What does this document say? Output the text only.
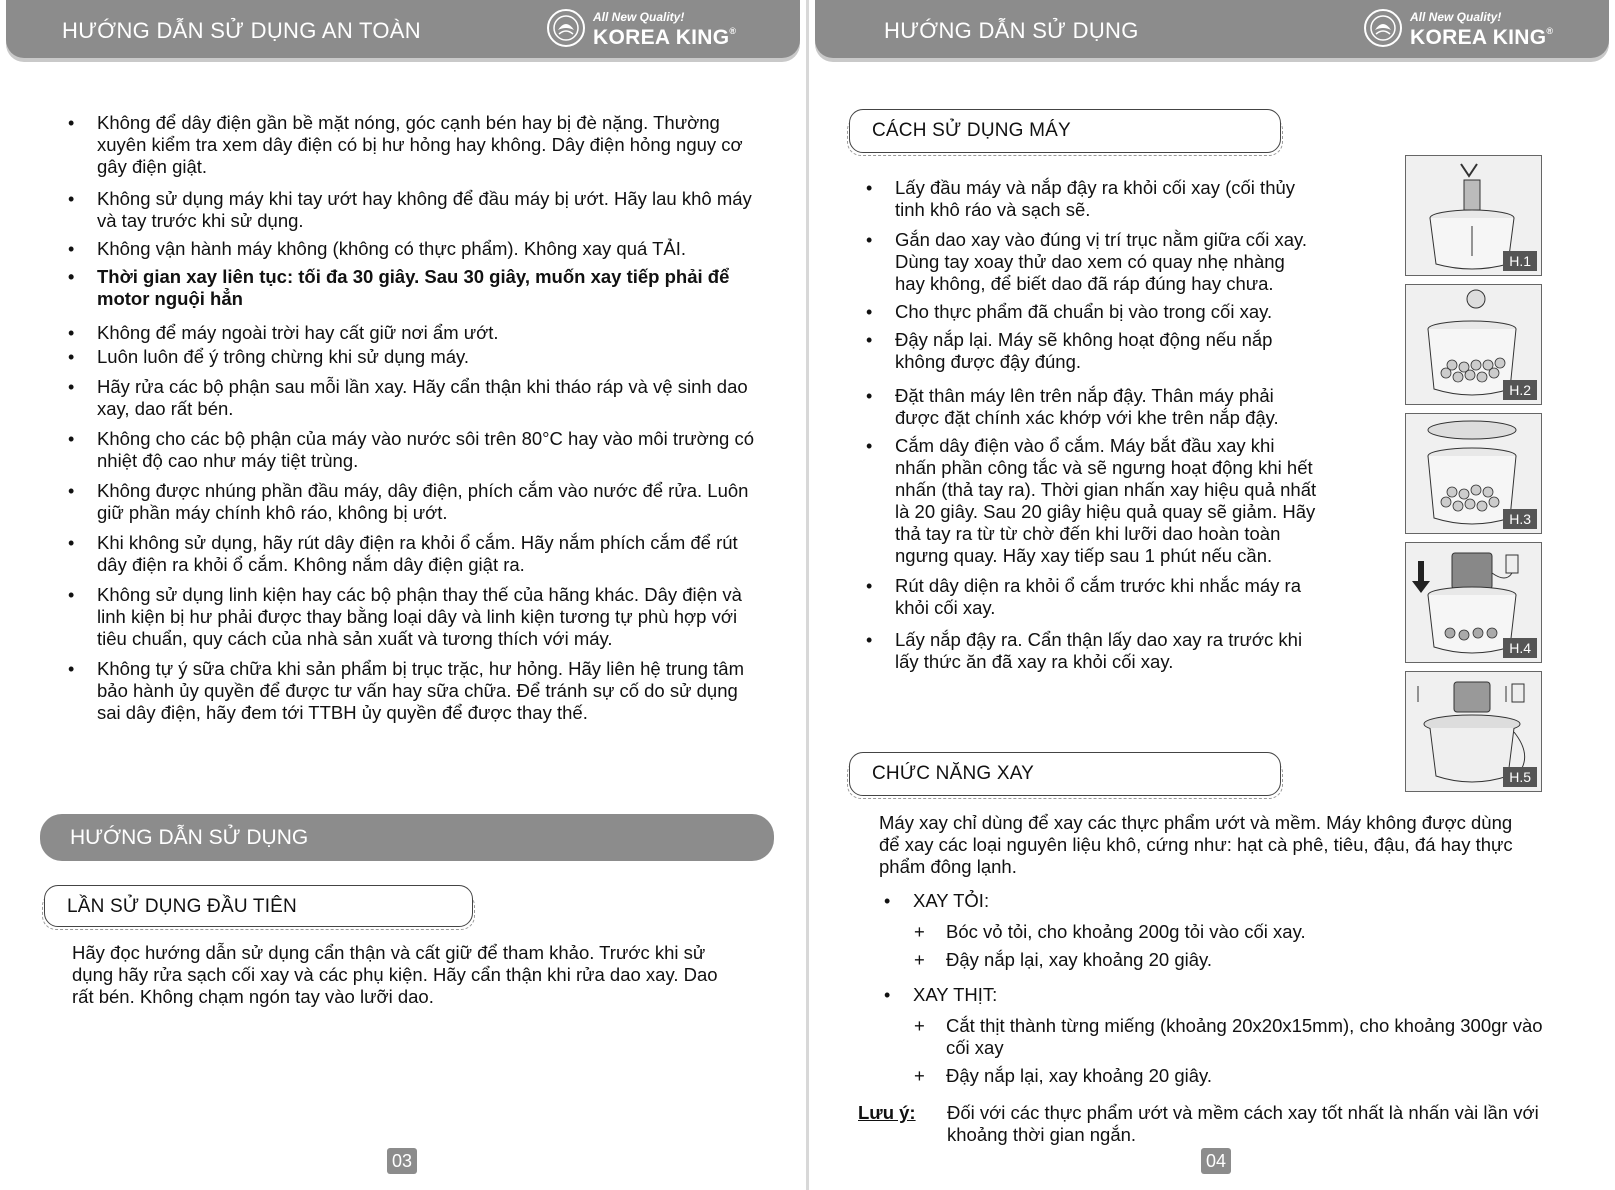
HƯỚNG DẪN SỬ DỤNG AN TOÀN
All New Quality!
KOREA KING®
• Không để dây điện gần bề mặt nóng, góc cạnh bén hay bị đè nặng. Thường xuyên kiểm tra xem dây điện có bị hư hỏng hay không. Dây điện hỏng nguy cơ gây điện giật.
• Không sử dụng máy khi tay ướt hay không để đầu máy bị ướt. Hãy lau khô máy và tay trước khi sử dụng.
• Không vận hành máy không (không có thực phẩm). Không xay quá TẢI.
• Thời gian xay liên tục: tối đa 30 giây. Sau 30 giây, muốn xay tiếp phải để motor nguội hẳn
• Không để máy ngoài trời hay cất giữ nơi ẩm ướt.
• Luôn luôn để ý trông chừng khi sử dụng máy.
• Hãy rửa các bộ phận sau mỗi lần xay. Hãy cẩn thận khi tháo ráp và vệ sinh dao xay, dao rất bén.
• Không cho các bộ phận của máy vào nước sôi trên 80°C hay vào môi trường có nhiệt độ cao như máy tiệt trùng.
• Không được nhúng phần đầu máy, dây điện, phích cắm vào nước để rửa. Luôn giữ phần máy chính khô ráo, không bị ướt.
• Khi không sử dụng, hãy rút dây điện ra khỏi ổ cắm. Hãy nắm phích cắm để rút dây điện ra khỏi ổ cắm. Không nắm dây điện giật ra.
• Không sử dụng linh kiện hay các bộ phận thay thế của hãng khác. Dây điện và linh kiện bị hư phải được thay bằng loại dây và linh kiện tương tự phù hợp với tiêu chuẩn, quy cách của nhà sản xuất và tương thích với máy.
• Không tự ý sữa chữa khi sản phẩm bị trục trặc, hư hỏng. Hãy liên hệ trung tâm bảo hành ủy quyền để được tư vấn hay sữa chữa. Để tránh sự cố do sử dụng sai dây điện, hãy đem tới TTBH ủy quyền để được thay thế.
HƯỚNG DẪN SỬ DỤNG
LẦN SỬ DỤNG ĐẦU TIÊN
Hãy đọc hướng dẫn sử dụng cẩn thận và cất giữ để tham khảo. Trước khi sử dụng hãy rửa sạch cối xay và các phụ kiện. Hãy cẩn thận khi rửa dao xay. Dao rất bén. Không chạm ngón tay vào lưỡi dao.
03
HƯỚNG DẪN SỬ DỤNG
All New Quality!
KOREA KING®
CÁCH SỬ DỤNG MÁY
• Lấy đầu máy và nắp đậy ra khỏi cối xay (cối thủy tinh khô ráo và sạch sẽ.
• Gắn dao xay vào đúng vị trí trục nằm giữa cối xay. Dùng tay xoay thử dao xem có quay nhẹ nhàng hay không, để biết dao đã ráp đúng hay chưa.
• Cho thực phẩm đã chuẩn bị vào trong cối xay.
• Đậy nắp lại. Máy sẽ không hoạt động nếu nắp không được đậy đúng.
• Đặt thân máy lên trên nắp đậy. Thân máy phải được đặt chính xác khớp với khe trên nắp đậy.
• Cắm dây điện vào ổ cắm. Máy bắt đầu xay khi nhấn phần công tắc và sẽ ngưng hoạt động khi hết nhấn (thả tay ra). Thời gian nhấn xay hiệu quả nhất là 20 giây. Sau 20 giây hiệu quả quay sẽ giảm. Hãy thả tay ra từ từ chờ đến khi lưỡi dao hoàn toàn ngưng quay. Hãy xay tiếp sau 1 phút nếu cần.
• Rút dây diện ra khỏi ổ cắm trước khi nhắc máy ra khỏi cối xay.
• Lấy nắp đậy ra. Cẩn thận lấy dao xay ra trước khi lấy thức ăn đã xay ra khỏi cối xay.
H.1
H.2
H.3
H.4
H.5
CHỨC NĂNG XAY
Máy xay chỉ dùng để xay các thực phẩm ướt và mềm. Máy không được dùng để xay các loại nguyên liệu khô, cứng như: hạt cà phê, tiêu, đậu, đá hay thực phẩm đông lạnh.
• XAY TỎI:
+ Bóc vỏ tỏi, cho khoảng 200g tỏi vào cối xay.
+ Đậy nắp lại, xay khoảng 20 giây.
• XAY THỊT:
+ Cắt thịt thành từng miếng (khoảng 20x20x15mm), cho khoảng 300gr vào cối xay
+ Đậy nắp lại, xay khoảng 20 giây.
Lưu ý: Đối với các thực phẩm ướt và mềm cách xay tốt nhất là nhấn vài lần với khoảng thời gian ngắn.
04
